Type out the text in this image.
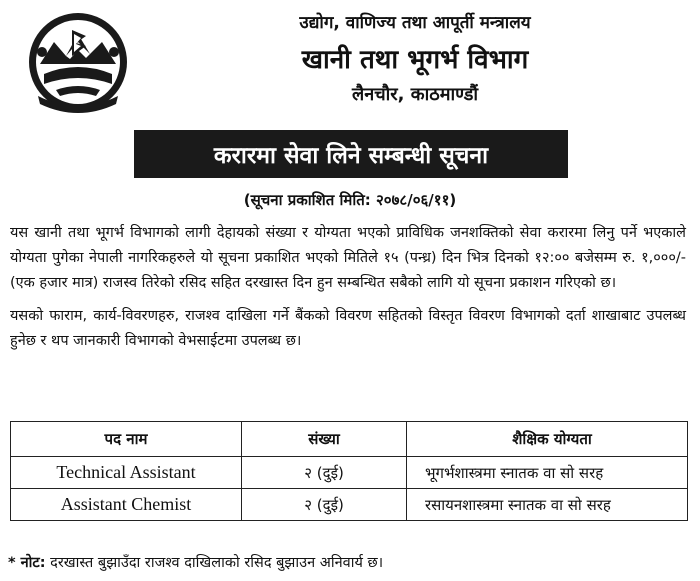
उद्योग, वाणिज्य तथा आपूर्ती मन्त्रालय
खानी तथा भूगर्भ विभाग
लैनचौर, काठमाण्डौं
करारमा सेवा लिने सम्बन्धी सूचना
(सूचना प्रकाशित मिति: २०७८/०६/११)
यस खानी तथा भूगर्भ विभागको लागी देहायको संख्या र योग्यता भएको प्राविधिक जनशक्तिको सेवा करारमा लिनु पर्ने भएकाले योग्यता पुगेका नेपाली नागरिकहरुले यो सूचना प्रकाशित भएको मितिले १५ (पन्ध्र) दिन भित्र दिनको १२:०० बजेसम्म रु. १,०००/- (एक हजार मात्र) राजस्व तिरेको रसिद सहित दरखास्त दिन हुन सम्बन्धित सबैको लागि यो सूचना प्रकाशन गरिएको छ।
यसको फाराम, कार्य-विवरणहरु, राजश्व दाखिला गर्ने बैंकको विवरण सहितको विस्तृत विवरण विभागको दर्ता शाखाबाट उपलब्ध हुनेछ र थप जानकारी विभागको वेभसाईटमा उपलब्ध छ।
पद नाम	संख्या	शैक्षिक योग्यता
Technical Assistant	२ (दुई)	भूगर्भशास्त्रमा स्नातक वा सो सरह
Assistant Chemist	२ (दुई)	रसायनशास्त्रमा स्नातक वा सो सरह
* नोट: दरखास्त बुझाउँदा राजश्व दाखिलाको रसिद बुझाउन अनिवार्य छ।
